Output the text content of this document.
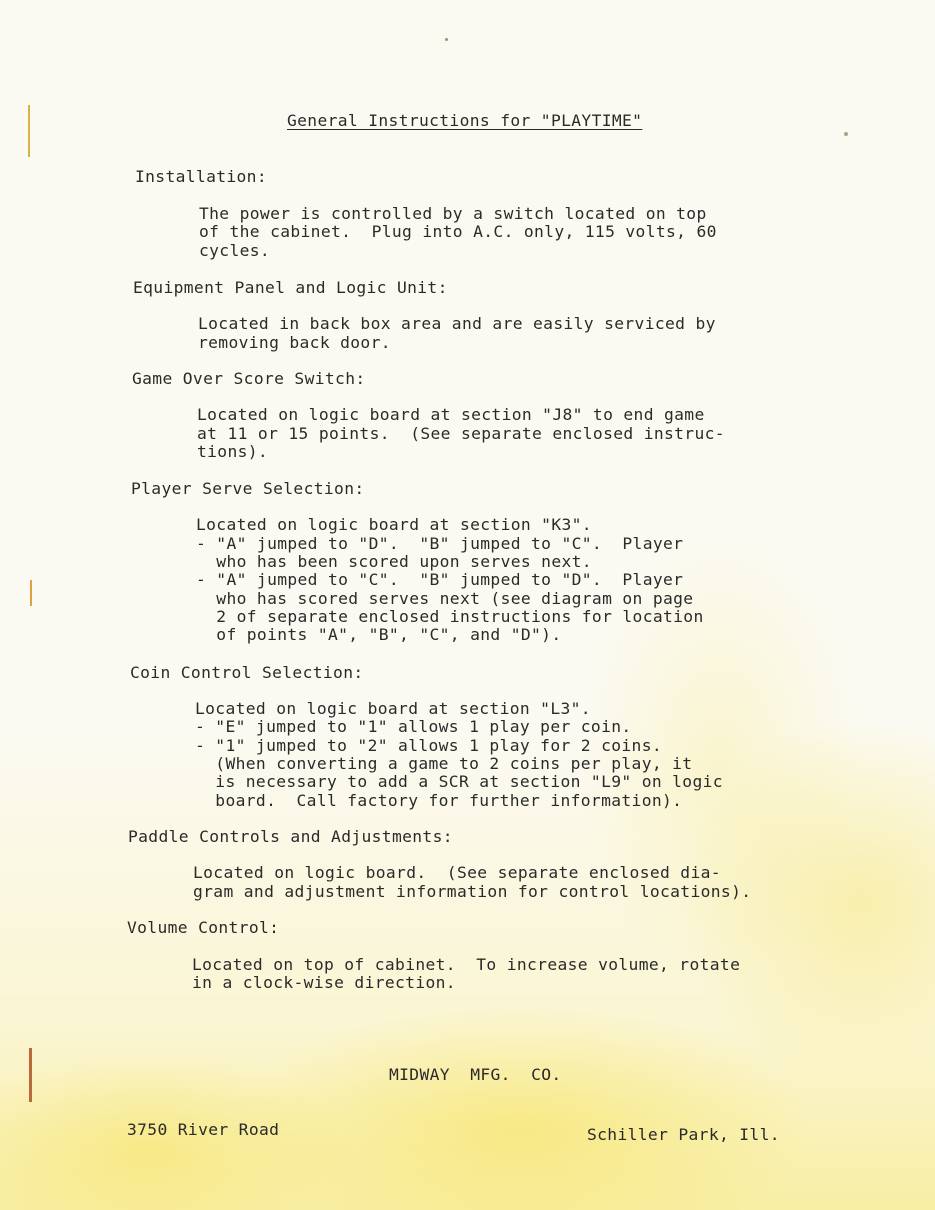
General Instructions for "PLAYTIME"
Installation:
The power is controlled by a switch located on top
of the cabinet.  Plug into A.C. only, 115 volts, 60
cycles.
Equipment Panel and Logic Unit:
Located in back box area and are easily serviced by
removing back door.
Game Over Score Switch:
Located on logic board at section "J8" to end game
at 11 or 15 points.  (See separate enclosed instruc-
tions).
Player Serve Selection:
Located on logic board at section "K3".
- "A" jumped to "D".  "B" jumped to "C".  Player
who has been scored upon serves next.
- "A" jumped to "C".  "B" jumped to "D".  Player
who has scored serves next (see diagram on page
2 of separate enclosed instructions for location
of points "A", "B", "C", and "D").
Coin Control Selection:
Located on logic board at section "L3".
- "E" jumped to "1" allows 1 play per coin.
- "1" jumped to "2" allows 1 play for 2 coins.
(When converting a game to 2 coins per play, it
is necessary to add a SCR at section "L9" on logic
board.  Call factory for further information).
Paddle Controls and Adjustments:
Located on logic board.  (See separate enclosed dia-
gram and adjustment information for control locations).
Volume Control:
Located on top of cabinet.  To increase volume, rotate
in a clock-wise direction.
MIDWAY  MFG.  CO.
3750 River Road	Schiller Park, Ill.
